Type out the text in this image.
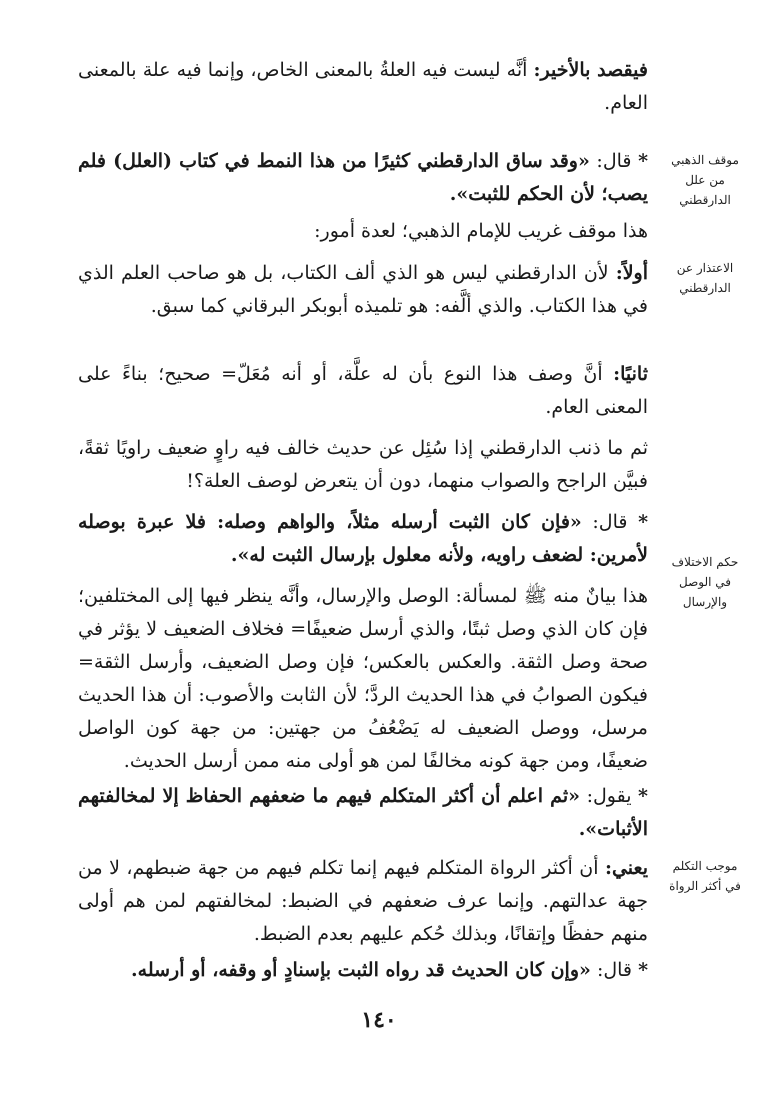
فيقصد بالأخير: أنَّه ليست فيه العلةُ بالمعنى الخاص، وإنما فيه علة بالمعنى العام.

* قال: «وقد ساق الدارقطني كثيرًا من هذا النمط في كتاب (العلل) فلم يصب؛ لأن الحكم للثبت».

موقف الذهبي من علل الدارقطني

هذا موقف غريب للإمام الذهبي؛ لعدة أمور:

أولاً: لأن الدارقطني ليس هو الذي ألف الكتاب، بل هو صاحب العلم الذي في هذا الكتاب. والذي ألَّفه: هو تلميذه أبوبكر البرقاني كما سبق.

الاعتذار عن الدارقطني

ثانيًا: أنَّ وصف هذا النوع بأن له علَّة، أو أنه مُعَلّ= صحيح؛ بناءً على المعنى العام.

ثم ما ذنب الدارقطني إذا سُئِل عن حديث خالف فيه راوٍ ضعيف راويًا ثقةً، فبيَّن الراجح والصواب منهما، دون أن يتعرض لوصف العلة؟!

* قال: «فإن كان الثبت أرسله مثلاً، والواهم وصله: فلا عبرة بوصله لأمرين: لضعف راويه، ولأنه معلول بإرسال الثبت له».	حكم الاختلاف في الوصل والإرسال

هذا بيانٌ منه ﷺ لمسألة: الوصل والإرسال، وأنَّه ينظر فيها إلى المختلفين؛ فإن كان الذي وصل ثبتًا، والذي أرسل ضعيفًا= فخلاف الضعيف لا يؤثر في صحة وصل الثقة. والعكس بالعكس؛ فإن وصل الضعيف، وأرسل الثقة= فيكون الصوابُ في هذا الحديث الردَّ؛ لأن الثابت والأصوب: أن هذا الحديث مرسل، ووصل الضعيف له يَضْعُفُ من جهتين: من جهة كون الواصل ضعيفًا، ومن جهة كونه مخالفًا لمن هو أولى منه ممن أرسل الحديث.

* يقول: «ثم اعلم أن أكثر المتكلم فيهم ما ضعفهم الحفاظ إلا لمخالفتهم الأثبات».

يعني: أن أكثر الرواة المتكلم فيهم إنما تكلم فيهم من جهة ضبطهم، لا من جهة عدالتهم. وإنما عرف ضعفهم في الضبط: لمخالفتهم لمن هم أولى منهم حفظًا وإتقانًا، وبذلك حُكم عليهم بعدم الضبط.

موجب التكلم في أكثر الرواة

* قال: «وإن كان الحديث قد رواه الثبت بإسنادٍ أو وقفه، أو أرسله.

١٤٠
